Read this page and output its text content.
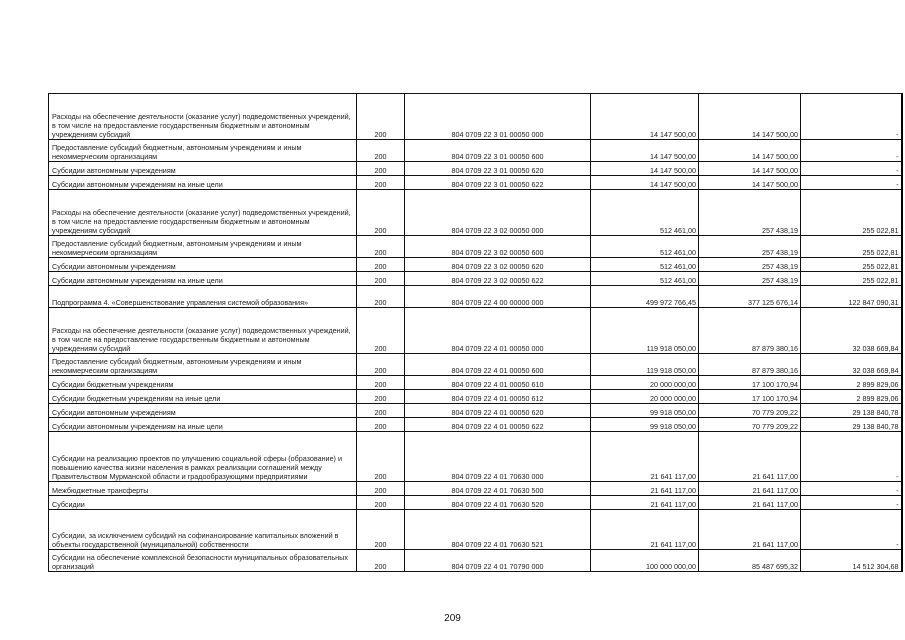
Расходы на обеспечение деятельности (оказание услуг) подведомственных учреждений, в том числе на предоставление государственным бюджетным и автономным учреждениям субсидий	200	804 0709 22 3 01 00050 000	14 147 500,00	14 147 500,00	-
Предоставление субсидий бюджетным, автономным учреждениям и иным некоммерческим организациям	200	804 0709 22 3 01 00050 600	14 147 500,00	14 147 500,00	-
Субсидии автономным учреждениям	200	804 0709 22 3 01 00050 620	14 147 500,00	14 147 500,00	-
Субсидии автономным учреждениям на иные цели	200	804 0709 22 3 01 00050 622	14 147 500,00	14 147 500,00	-
Расходы на обеспечение деятельности (оказание услуг) подведомственных учреждений, в том числе на предоставление государственным бюджетным и автономным учреждениям субсидий	200	804 0709 22 3 02 00050 000	512 461,00	257 438,19	255 022,81
Предоставление субсидий бюджетным, автономным учреждениям и иным некоммерческим организациям	200	804 0709 22 3 02 00050 600	512 461,00	257 438,19	255 022,81
Субсидии автономным учреждениям	200	804 0709 22 3 02 00050 620	512 461,00	257 438,19	255 022,81
Субсидии автономным учреждениям на иные цели	200	804 0709 22 3 02 00050 622	512 461,00	257 438,19	255 022,81
Подпрограмма 4. «Совершенствование управления системой образования»	200	804 0709 22 4 00 00000 000	499 972 766,45	377 125 676,14	122 847 090,31
Расходы на обеспечение деятельности (оказание услуг) подведомственных учреждений, в том числе на предоставление государственным бюджетным и автономным учреждениям субсидий	200	804 0709 22 4 01 00050 000	119 918 050,00	87 879 380,16	32 038 669,84
Предоставление субсидий бюджетным, автономным учреждениям и иным некоммерческим организациям	200	804 0709 22 4 01 00050 600	119 918 050,00	87 879 380,16	32 038 669,84
Субсидии бюджетным учреждениям	200	804 0709 22 4 01 00050 610	20 000 000,00	17 100 170,94	2 899 829,06
Субсидии бюджетным учреждениям на иные цели	200	804 0709 22 4 01 00050 612	20 000 000,00	17 100 170,94	2 899 829,06
Субсидии автономным учреждениям	200	804 0709 22 4 01 00050 620	99 918 050,00	70 779 209,22	29 138 840,78
Субсидии автономным учреждениям на иные цели	200	804 0709 22 4 01 00050 622	99 918 050,00	70 779 209,22	29 138 840,78
Субсидии на реализацию проектов по улучшению социальной сферы (образование) и повышению качества жизни населения в рамках реализации соглашений между Правительством Мурманской области и градообразующими предприятиями	200	804 0709 22 4 01 70630 000	21 641 117,00	21 641 117,00	-
Межбюджетные трансферты	200	804 0709 22 4 01 70630 500	21 641 117,00	21 641 117,00	-
Субсидии	200	804 0709 22 4 01 70630 520	21 641 117,00	21 641 117,00	-
Субсидии, за исключением субсидий на софинансирование капитальных вложений в объекты государственной (муниципальной) собственности	200	804 0709 22 4 01 70630 521	21 641 117,00	21 641 117,00	-
Субсидии на обеспечение комплексной безопасности муниципальных образовательных организаций	200	804 0709 22 4 01 70790 000	100 000 000,00	85 487 695,32	14 512 304,68
209
